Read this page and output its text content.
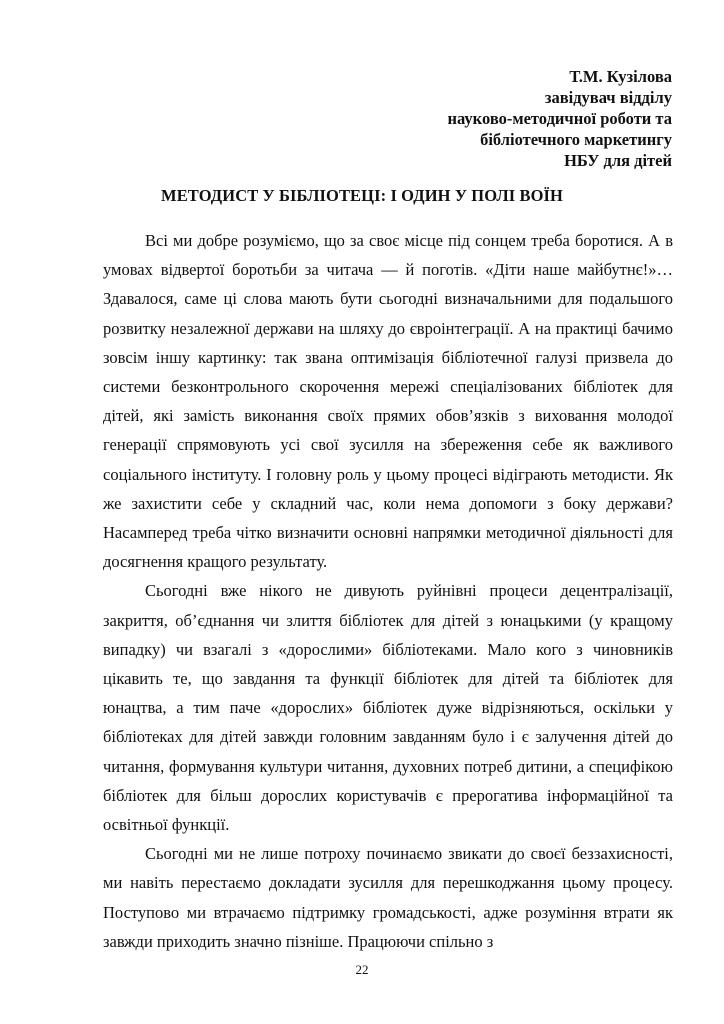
Т.М. Кузілова
завідувач відділу
науково-методичної роботи та
бібліотечного маркетингу
НБУ для дітей
МЕТОДИСТ У БІБЛІОТЕЦІ: І ОДИН У ПОЛІ ВОЇН

Всі ми добре розуміємо, що за своє місце під сонцем треба боротися. А в умовах відвертої боротьби за читача — й поготів. «Діти наше майбутнє!»… Здавалося, саме ці слова мають бути сьогодні визначальними для подальшого розвитку незалежної держави на шляху до євроінтеграції. А на практиці бачимо зовсім іншу картинку: так звана оптимізація бібліотечної галузі призвела до системи безконтрольного скорочення мережі спеціалізованих бібліотек для дітей, які замість виконання своїх прямих обов’язків з виховання молодої генерації спрямовують усі свої зусилля на збереження себе як важливого соціального інституту. І головну роль у цьому процесі відіграють методисти. Як же захистити себе у складний час, коли нема допомоги з боку держави? Насамперед треба чітко визначити основні напрямки методичної діяльності для досягнення кращого результату.

Сьогодні вже нікого не дивують руйнівні процеси децентралізації, закриття, об’єднання чи злиття бібліотек для дітей з юнацькими (у кращому випадку) чи взагалі з «дорослими» бібліотеками. Мало кого з чиновників цікавить те, що завдання та функції бібліотек для дітей та бібліотек для юнацтва, а тим паче «дорослих» бібліотек дуже відрізняються, оскільки у бібліотеках для дітей завжди головним завданням було і є залучення дітей до читання, формування культури читання, духовних потреб дитини, а специфікою бібліотек для більш дорослих користувачів є прерогатива інформаційної та освітньої функції.

Сьогодні ми не лише потроху починаємо звикати до своєї беззахисності, ми навіть перестаємо докладати зусилля для перешкоджання цьому процесу. Поступово ми втрачаємо підтримку громадськості, адже розуміння втрати як завжди приходить значно пізніше. Працюючи спільно з

22
